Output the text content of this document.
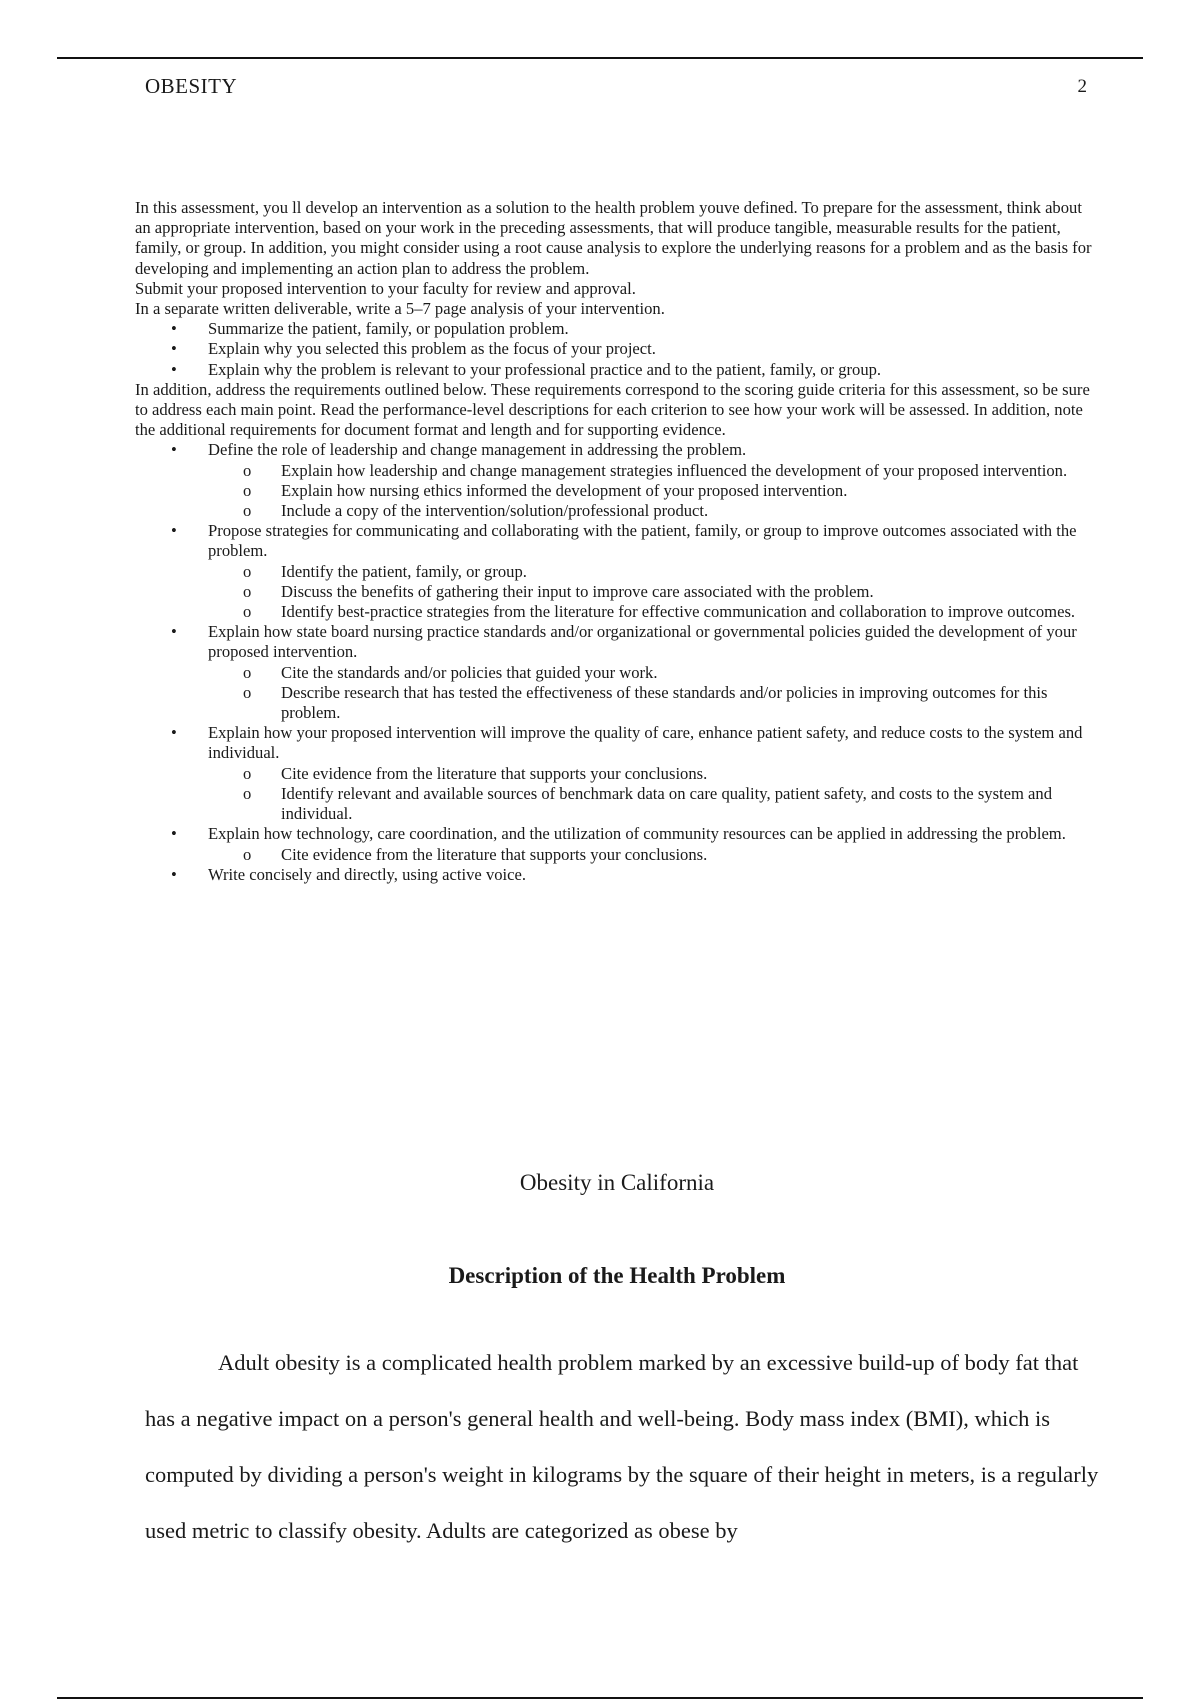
OBESITY	2

In this assessment, you ll develop an intervention as a solution to the health problem youve defined. To prepare for the assessment, think about an appropriate intervention, based on your work in the preceding assessments, that will produce tangible, measurable results for the patient, family, or group. In addition, you might consider using a root cause analysis to explore the underlying reasons for a problem and as the basis for developing and implementing an action plan to address the problem.

Submit your proposed intervention to your faculty for review and approval.

In a separate written deliverable, write a 5–7 page analysis of your intervention.

• Summarize the patient, family, or population problem.
• Explain why you selected this problem as the focus of your project.
• Explain why the problem is relevant to your professional practice and to the patient, family, or group.

In addition, address the requirements outlined below. These requirements correspond to the scoring guide criteria for this assessment, so be sure to address each main point. Read the performance-level descriptions for each criterion to see how your work will be assessed. In addition, note the additional requirements for document format and length and for supporting evidence.

• Define the role of leadership and change management in addressing the problem.
o Explain how leadership and change management strategies influenced the development of your proposed intervention.
o Explain how nursing ethics informed the development of your proposed intervention.
o Include a copy of the intervention/solution/professional product.
• Propose strategies for communicating and collaborating with the patient, family, or group to improve outcomes associated with the problem.
o Identify the patient, family, or group.
o Discuss the benefits of gathering their input to improve care associated with the problem.
o Identify best-practice strategies from the literature for effective communication and collaboration to improve outcomes.
• Explain how state board nursing practice standards and/or organizational or governmental policies guided the development of your proposed intervention.
o Cite the standards and/or policies that guided your work.
o Describe research that has tested the effectiveness of these standards and/or policies in improving outcomes for this problem.
• Explain how your proposed intervention will improve the quality of care, enhance patient safety, and reduce costs to the system and individual.
o Cite evidence from the literature that supports your conclusions.
o Identify relevant and available sources of benchmark data on care quality, patient safety, and costs to the system and individual.
• Explain how technology, care coordination, and the utilization of community resources can be applied in addressing the problem.
o Cite evidence from the literature that supports your conclusions.
• Write concisely and directly, using active voice.
Obesity in California
Description of the Health Problem

Adult obesity is a complicated health problem marked by an excessive build-up of body fat that has a negative impact on a person's general health and well-being. Body mass index (BMI), which is computed by dividing a person's weight in kilograms by the square of their height in meters, is a regularly used metric to classify obesity. Adults are categorized as obese by
